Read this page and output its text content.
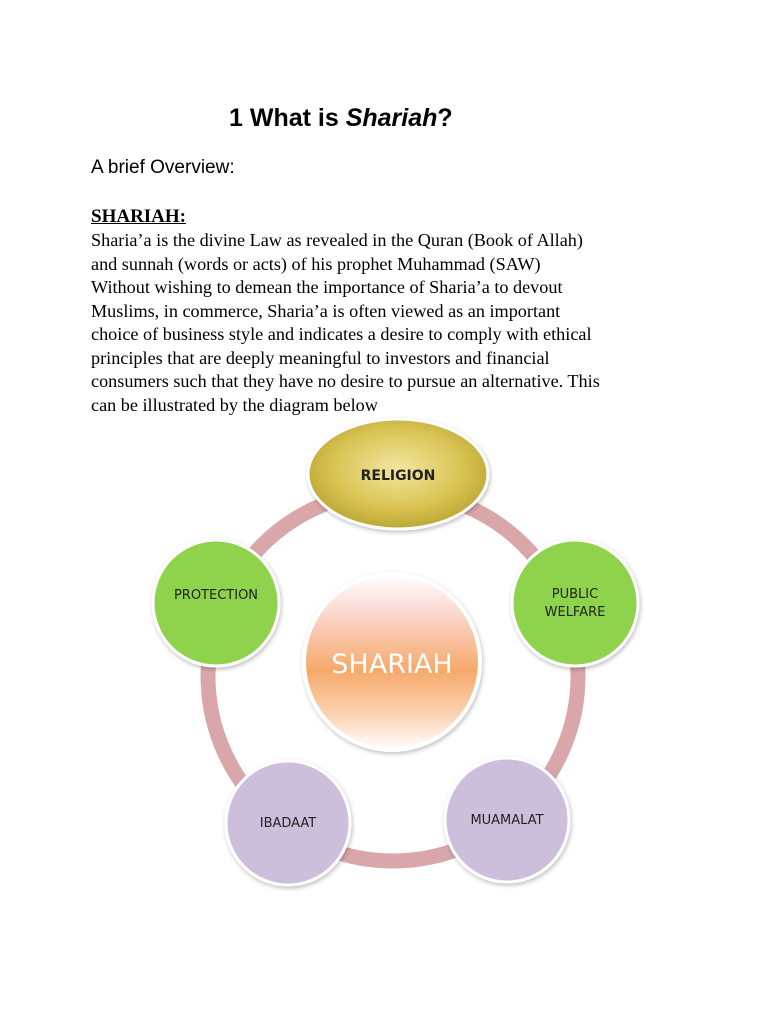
1 What is Shariah?
A brief Overview:
SHARIAH:
Sharia’a is the divine Law as revealed in the Quran (Book of Allah)
and sunnah (words or acts) of his prophet Muhammad (SAW)
Without wishing to demean the importance of Sharia’a to devout
Muslims, in commerce, Sharia’a is often viewed as an important
choice of business style and indicates a desire to comply with ethical
principles that are deeply meaningful to investors and financial
consumers such that they have no desire to pursue an alternative. This
can be illustrated by the diagram below
SHARIAH
RELIGION
PUBLIC
WELFARE
MUAMALAT
IBADAAT
PROTECTION
